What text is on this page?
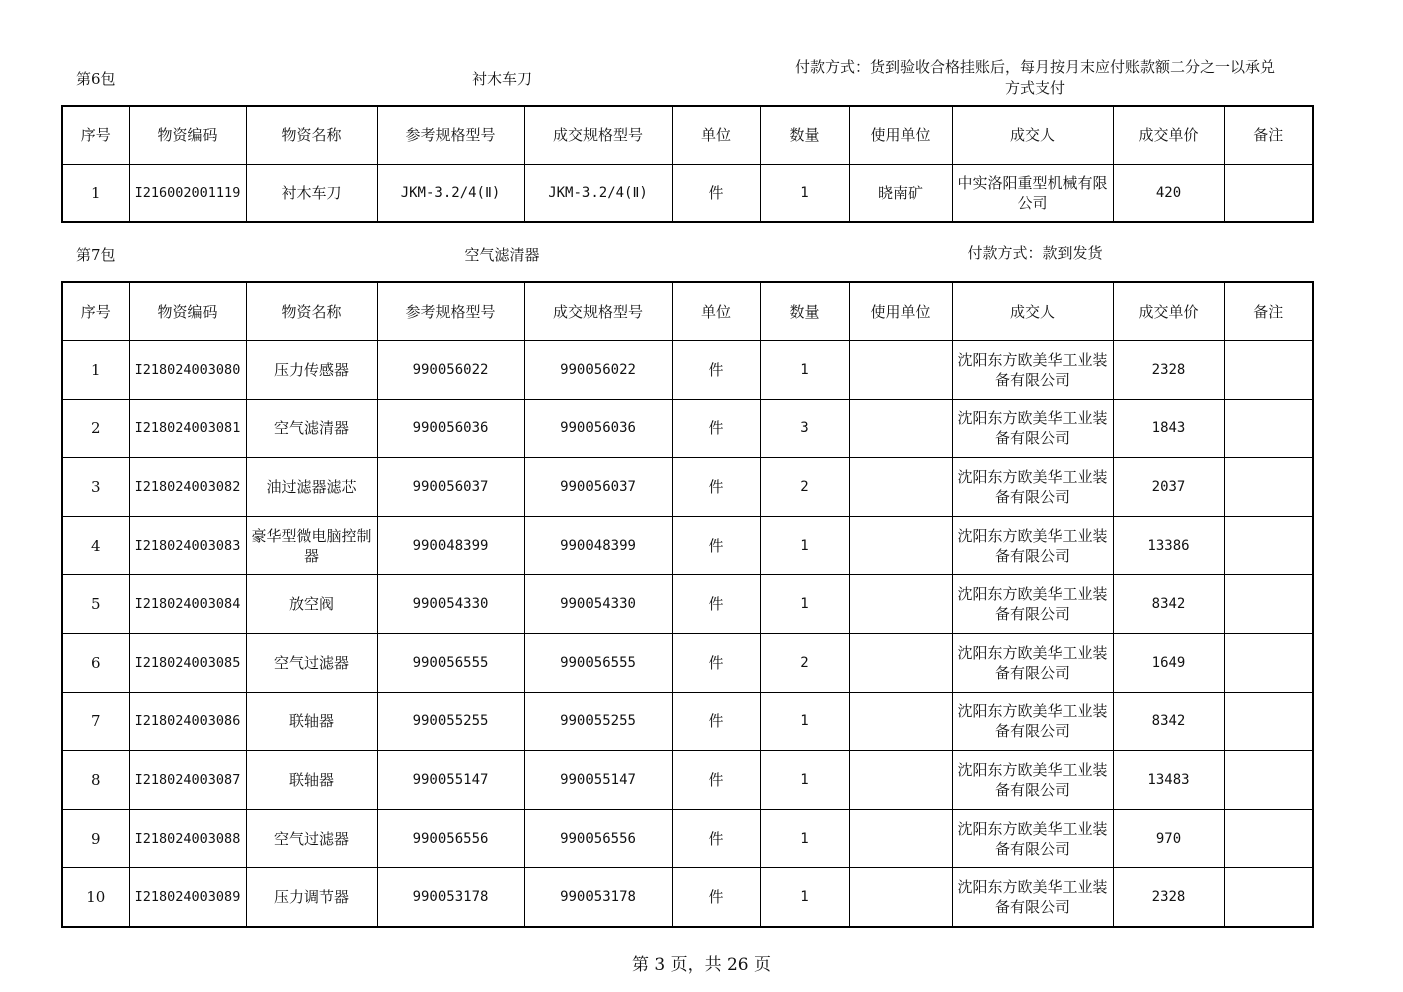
第6包	衬木车刀
付款方式：货到验收合格挂账后，每月按月末应付账款额二分之一以承兑
方式支付
序号	物资编码	物资名称	参考规格型号	成交规格型号	单位	数量	使用单位	成交人	成交单价	备注
1	I216002001119	衬木车刀	JKM-3.2/4(Ⅱ)	JKM-3.2/4(Ⅱ)	件	1	晓南矿	中实洛阳重型机械有限公司	420	
第7包	空气滤清器	付款方式：款到发货
序号	物资编码	物资名称	参考规格型号	成交规格型号	单位	数量	使用单位	成交人	成交单价	备注
1	I218024003080	压力传感器	990056022	990056022	件	1		沈阳东方欧美华工业装备有限公司	2328	
2	I218024003081	空气滤清器	990056036	990056036	件	3		沈阳东方欧美华工业装备有限公司	1843	
3	I218024003082	油过滤器滤芯	990056037	990056037	件	2		沈阳东方欧美华工业装备有限公司	2037	
4	I218024003083	豪华型微电脑控制器	990048399	990048399	件	1		沈阳东方欧美华工业装备有限公司	13386	
5	I218024003084	放空阀	990054330	990054330	件	1		沈阳东方欧美华工业装备有限公司	8342	
6	I218024003085	空气过滤器	990056555	990056555	件	2		沈阳东方欧美华工业装备有限公司	1649	
7	I218024003086	联轴器	990055255	990055255	件	1		沈阳东方欧美华工业装备有限公司	8342	
8	I218024003087	联轴器	990055147	990055147	件	1		沈阳东方欧美华工业装备有限公司	13483	
9	I218024003088	空气过滤器	990056556	990056556	件	1		沈阳东方欧美华工业装备有限公司	970	
10	I218024003089	压力调节器	990053178	990053178	件	1		沈阳东方欧美华工业装备有限公司	2328	
第 3 页，共 26 页
